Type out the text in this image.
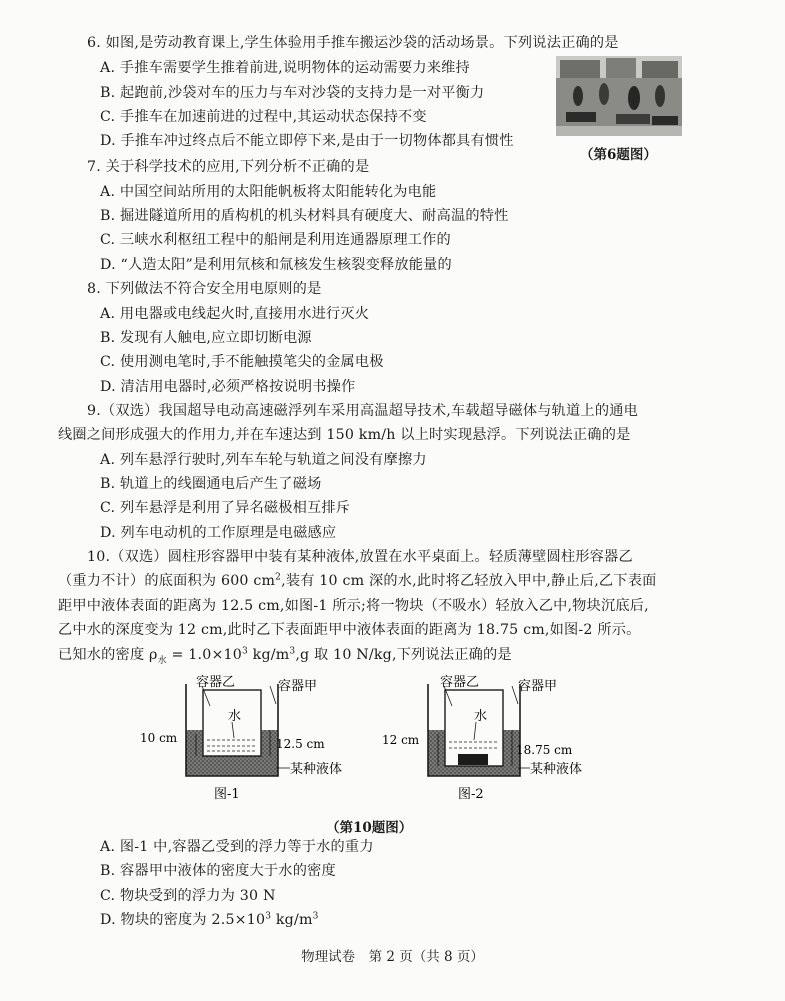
6. 如图,是劳动教育课上,学生体验用手推车搬运沙袋的活动场景。下列说法正确的是
A. 手推车需要学生推着前进,说明物体的运动需要力来维持
B. 起跑前,沙袋对车的压力与车对沙袋的支持力是一对平衡力
C. 手推车在加速前进的过程中,其运动状态保持不变
D. 手推车冲过终点后不能立即停下来,是由于一切物体都具有惯性
（第6题图）
7. 关于科学技术的应用,下列分析不正确的是
A. 中国空间站所用的太阳能帆板将太阳能转化为电能
B. 掘进隧道所用的盾构机的机头材料具有硬度大、耐高温的特性
C. 三峡水利枢纽工程中的船闸是利用连通器原理工作的
D. “人造太阳”是利用氘核和氚核发生核裂变释放能量的
8. 下列做法不符合安全用电原则的是
A. 用电器或电线起火时,直接用水进行灭火
B. 发现有人触电,应立即切断电源
C. 使用测电笔时,手不能触摸笔尖的金属电极
D. 清洁用电器时,必须严格按说明书操作
9.（双选）我国超导电动高速磁浮列车采用高温超导技术,车载超导磁体与轨道上的通电
线圈之间形成强大的作用力,并在车速达到 150 km/h 以上时实现悬浮。下列说法正确的是
A. 列车悬浮行驶时,列车车轮与轨道之间没有摩擦力
B. 轨道上的线圈通电后产生了磁场
C. 列车悬浮是利用了异名磁极相互排斥
D. 列车电动机的工作原理是电磁感应
10.（双选）圆柱形容器甲中装有某种液体,放置在水平桌面上。轻质薄壁圆柱形容器乙
（重力不计）的底面积为 600 $cm^2$,装有 10 cm 深的水,此时将乙轻放入甲中,静止后,乙下表面
距甲中液体表面的距离为 12.5 cm,如图-1 所示;将一物块（不吸水）轻放入乙中,物块沉底后,
乙中水的深度变为 12 cm,此时乙下表面距甲中液体表面的距离为 18.75 cm,如图-2 所示。
已知水的密度 $\rho_水 = 1.0\times 10^3$ $kg/m^3,g$ 取 10 N/kg,下列说法正确的是
容器乙	容器甲
水
10 cm	12.5 cm
某种液体
图-1
容器乙	容器甲
水
12 cm
18.75 cm
某种液体
图-2
（第10题图）
A. 图-1 中,容器乙受到的浮力等于水的重力
B. 容器甲中液体的密度大于水的密度
C. 物块受到的浮力为 30 N
D. 物块的密度为 $2.5\times 10^3$ $kg/m^3$
物理试卷　第 2 页（共 8 页）
